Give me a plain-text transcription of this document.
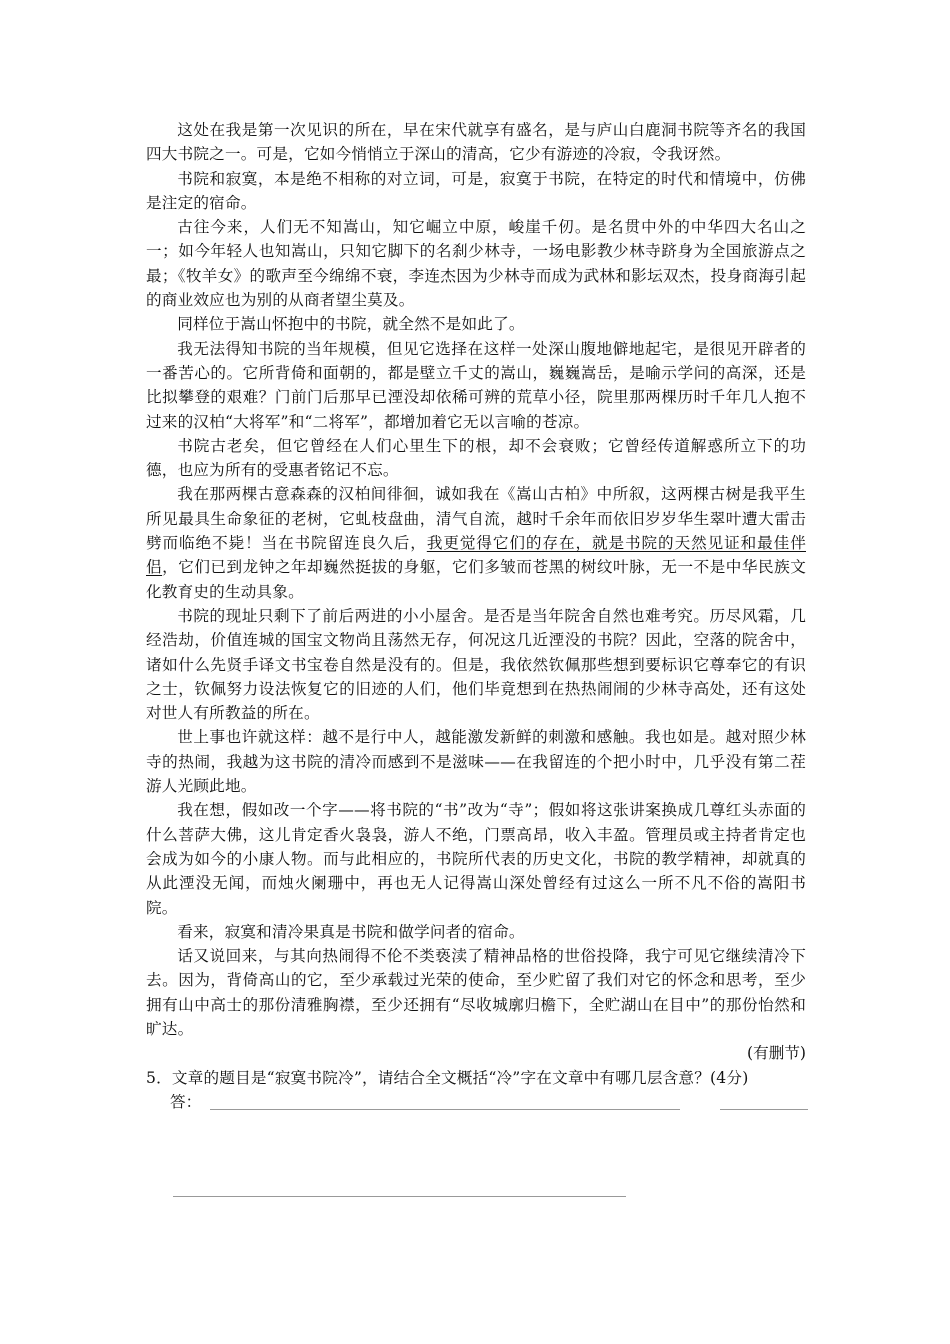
这处在我是第一次见识的所在，早在宋代就享有盛名，是与庐山白鹿洞书院等齐名的我国四大书院之一。可是，它如今悄悄立于深山的清高，它少有游迹的冷寂，令我讶然。

书院和寂寞，本是绝不相称的对立词，可是，寂寞于书院，在特定的时代和情境中，仿佛是注定的宿命。

古往今来，人们无不知嵩山，知它崛立中原，峻崖千仞。是名贯中外的中华四大名山之一；如今年轻人也知嵩山，只知它脚下的名刹少林寺，一场电影教少林寺跻身为全国旅游点之最；《牧羊女》的歌声至今绵绵不衰，李连杰因为少林寺而成为武林和影坛双杰，投身商海引起的商业效应也为别的从商者望尘莫及。

同样位于嵩山怀抱中的书院，就全然不是如此了。

我无法得知书院的当年规模，但见它选择在这样一处深山腹地僻地起宅，是很见开辟者的一番苦心的。它所背倚和面朝的，都是壁立千丈的嵩山，巍巍嵩岳，是喻示学问的高深，还是比拟攀登的艰难？门前门后那早已湮没却依稀可辨的荒草小径，院里那两棵历时千年几人抱不过来的汉柏“大将军”和“二将军”，都增加着它无以言喻的苍凉。

书院古老矣，但它曾经在人们心里生下的根，却不会衰败；它曾经传道解惑所立下的功德，也应为所有的受惠者铭记不忘。

我在那两棵古意森森的汉柏间徘徊，诚如我在《嵩山古柏》中所叙，这两棵古树是我平生所见最具生命象征的老树，它虬枝盘曲，清气自流，越时千余年而依旧岁岁华生翠叶遭大雷击劈而临绝不毙！当在书院留连良久后，我更觉得它们的存在，就是书院的天然见证和最佳伴侣，它们已到龙钟之年却巍然挺拔的身躯，它们多皱而苍黑的树纹叶脉，无一不是中华民族文化教育史的生动具象。

书院的现址只剩下了前后两进的小小屋舍。是否是当年院舍自然也难考究。历尽风霜，几经浩劫，价值连城的国宝文物尚且荡然无存，何况这几近湮没的书院？因此，空落的院舍中，诸如什么先贤手译文书宝卷自然是没有的。但是，我依然钦佩那些想到要标识它尊奉它的有识之士，钦佩努力设法恢复它的旧迹的人们，他们毕竟想到在热热闹闹的少林寺高处，还有这处对世人有所教益的所在。

世上事也许就这样：越不是行中人，越能激发新鲜的刺激和感触。我也如是。越对照少林寺的热闹，我越为这书院的清冷而感到不是滋味——在我留连的个把小时中，几乎没有第二茬游人光顾此地。

我在想，假如改一个字——将书院的“书”改为“寺”；假如将这张讲案换成几尊红头赤面的什么菩萨大佛，这儿肯定香火袅袅，游人不绝，门票高昂，收入丰盈。管理员或主持者肯定也会成为如今的小康人物。而与此相应的，书院所代表的历史文化，书院的教学精神，却就真的从此湮没无闻，而烛火阑珊中，再也无人记得嵩山深处曾经有过这么一所不凡不俗的嵩阳书院。

看来，寂寞和清冷果真是书院和做学问者的宿命。

话又说回来，与其向热闹得不伦不类亵渎了精神品格的世俗投降，我宁可见它继续清冷下去。因为，背倚高山的它，至少承载过光荣的使命，至少贮留了我们对它的怀念和思考，至少拥有山中高士的那份清雅胸襟，至少还拥有“尽收城廓归檐下，全贮湖山在目中”的那份怡然和旷达。

(有删节)

5．文章的题目是“寂寞书院冷”，请结合全文概括“冷”字在文章中有哪几层含意？(4分)

答：
